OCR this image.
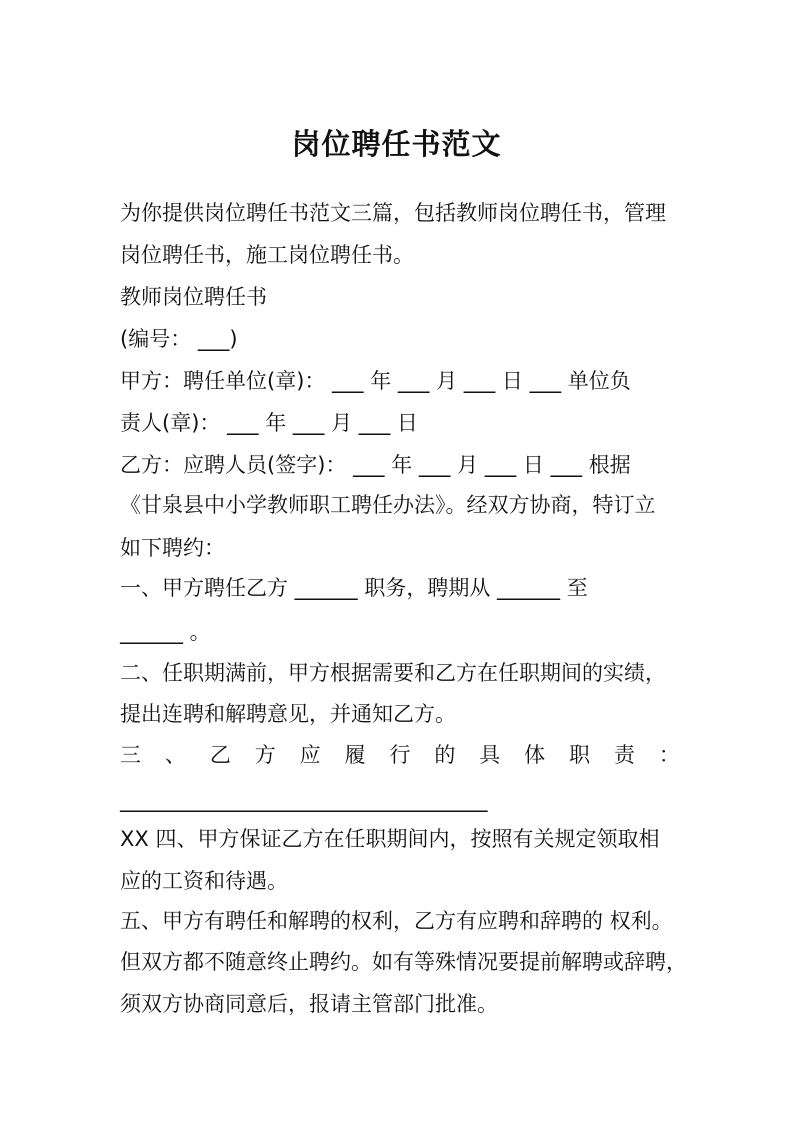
岗位聘任书范文
为你提供岗位聘任书范文三篇，包括教师岗位聘任书，管理
岗位聘任书，施工岗位聘任书。
教师岗位聘任书
(编号： ___)
甲方：聘任单位(章)： ___ 年 ___ 月 ___ 日 ___ 单位负
责人(章)： ___ 年 ___ 月 ___ 日
乙方：应聘人员(签字)： ___ 年 ___ 月 ___ 日 ___ 根据
《甘泉县中小学教师职工聘任办法》。经双方协商，特订立
如下聘约：
一、甲方聘任乙方 ______ 职务，聘期从 ______ 至
______ 。
二、任职期满前，甲方根据需要和乙方在任职期间的实绩，
提出连聘和解聘意见，并通知乙方。
三 、 乙 方 应 履 行 的 具 体 职 责 ：
___________________________________
XX 四、甲方保证乙方在任职期间内，按照有关规定领取相
应的工资和待遇。
五、甲方有聘任和解聘的权利，乙方有应聘和辞聘的 权利。
但双方都不随意终止聘约。如有等殊情况要提前解聘或辞聘，
须双方协商同意后，报请主管部门批准。
